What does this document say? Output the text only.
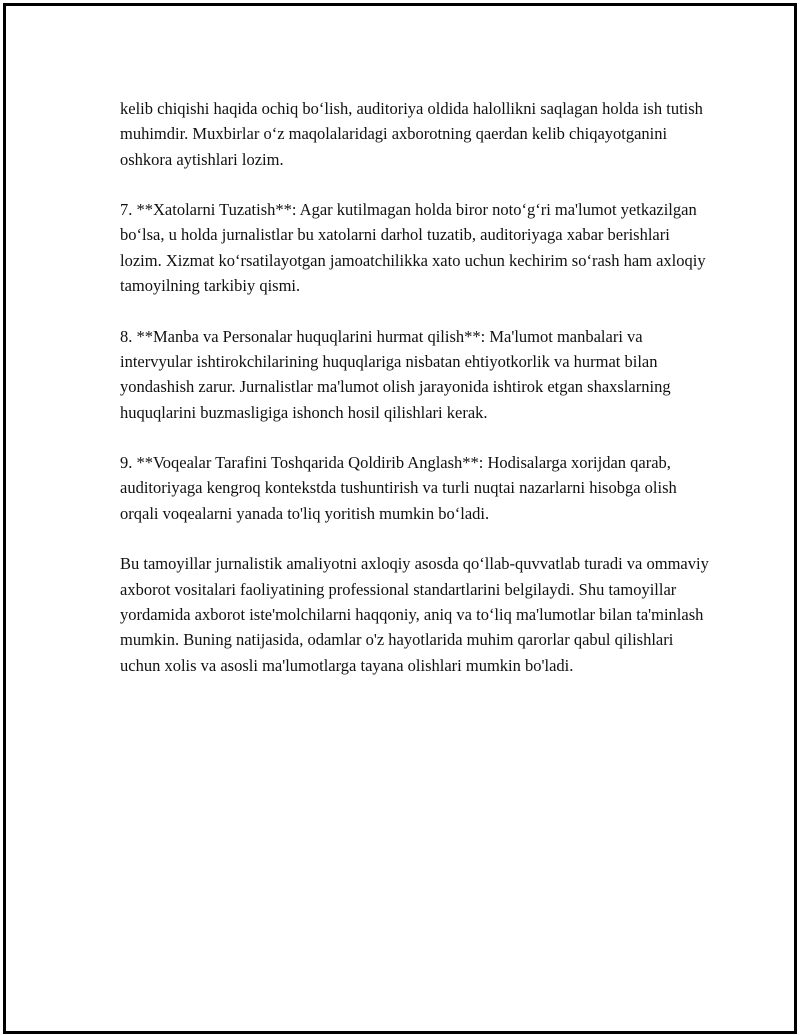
kelib chiqishi haqida ochiq bo‘lish, auditoriya oldida halollikni saqlagan holda ish tutish muhimdir. Muxbirlar o‘z maqolalaridagi axborotning qaerdan kelib chiqayotganini oshkora aytishlari lozim.

7. **Xatolarni Tuzatish**: Agar kutilmagan holda biror noto‘g‘ri ma'lumot yetkazilgan bo‘lsa, u holda jurnalistlar bu xatolarni darhol tuzatib, auditoriyaga xabar berishlari lozim. Xizmat ko‘rsatilayotgan jamoatchilikka xato uchun kechirim so‘rash ham axloqiy tamoyilning tarkibiy qismi.

8. **Manba va Personalar huquqlarini hurmat qilish**: Ma'lumot manbalari va intervyular ishtirokchilarining huquqlariga nisbatan ehtiyotkorlik va hurmat bilan yondashish zarur. Jurnalistlar ma'lumot olish jarayonida ishtirok etgan shaxslarning huquqlarini buzmasligiga ishonch hosil qilishlari kerak.

9. **Voqealar Tarafini Toshqarida Qoldirib Anglash**: Hodisalarga xorijdan qarab, auditoriyaga kengroq kontekstda tushuntirish va turli nuqtai nazarlarni hisobga olish orqali voqealarni yanada to'liq yoritish mumkin bo‘ladi.

Bu tamoyillar jurnalistik amaliyotni axloqiy asosda qo‘llab-quvvatlab turadi va ommaviy axborot vositalari faoliyatining professional standartlarini belgilaydi. Shu tamoyillar yordamida axborot iste'molchilarni haqqoniy, aniq va to‘liq ma'lumotlar bilan ta'minlash mumkin. Buning natijasida, odamlar o'z hayotlarida muhim qarorlar qabul qilishlari uchun xolis va asosli ma'lumotlarga tayana olishlari mumkin bo'ladi.
